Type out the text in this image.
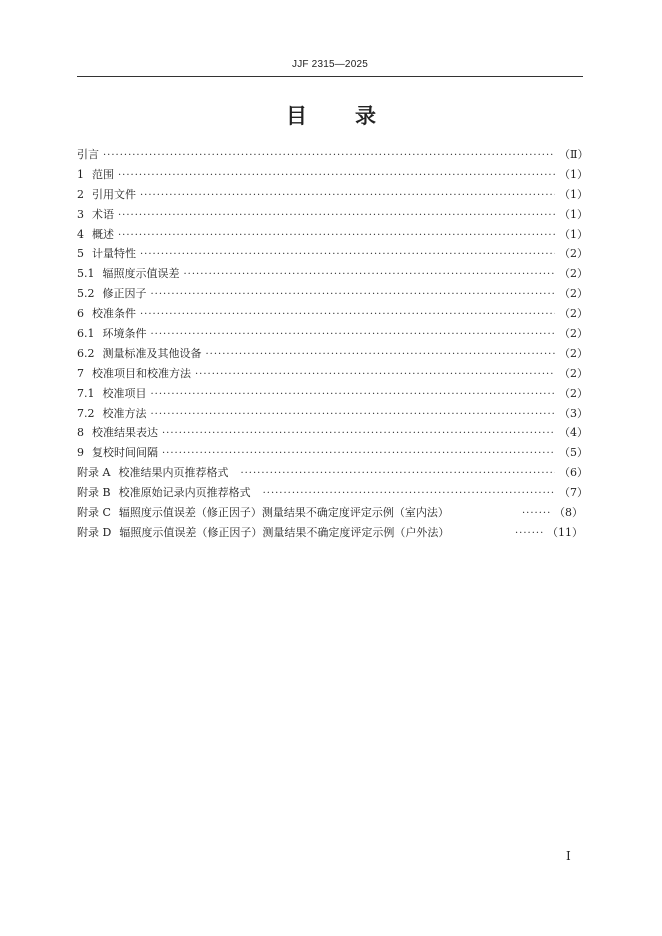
JJF 2315—2025
目录
引言 ·····	（Ⅱ）
1 范围 ·····	（1）
2 引用文件 ·····	（1）
3 术语 ·····	（1）
4 概述 ·····	（1）
5 计量特性 ·····	（2）
5.1 辐照度示值误差 ·····	（2）
5.2 修正因子 ·····	（2）
6 校准条件 ·····	（2）
6.1 环境条件 ·····	（2）
6.2 测量标准及其他设备 ·····	（2）
7 校准项目和校准方法 ·····	（2）
7.1 校准项目 ·····	（2）
7.2 校准方法 ·····	（3）
8 校准结果表达 ·····	（4）
9 复校时间间隔 ·····	（5）
附录 A 校准结果内页推荐格式 ·····	（6）
附录 B 校准原始记录内页推荐格式 ·····	（7）
附录 C 辐照度示值误差（修正因子）测量结果不确定度评定示例（室内法） ·····	（8）
附录 D 辐照度示值误差（修正因子）测量结果不确定度评定示例（户外法） ·····	（11）
Ⅰ
